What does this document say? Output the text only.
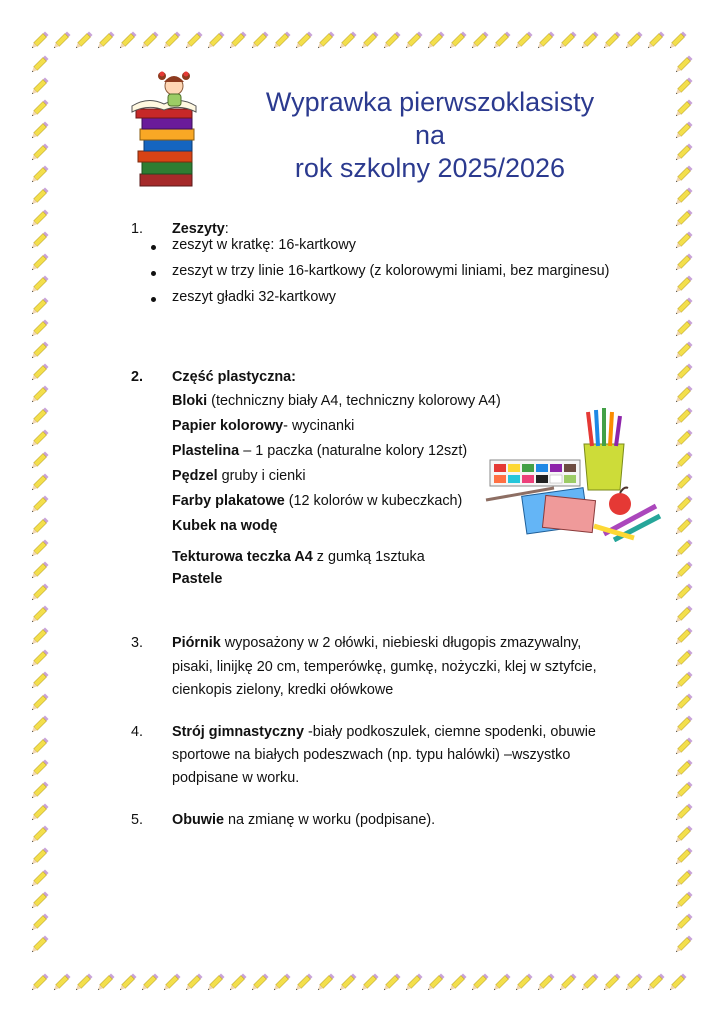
Wyprawka pierwszoklasisty
na
rok szkolny 2025/2026
1. Zeszyty:
zeszyt w kratkę: 16-kartkowy
zeszyt w trzy linie 16-kartkowy (z kolorowymi liniami, bez marginesu)
zeszyt gładki 32-kartkowy
2. Część plastyczna:
Bloki (techniczny biały A4, techniczny kolorowy A4)
Papier kolorowy- wycinanki
Plastelina – 1 paczka (naturalne kolory 12szt)
Pędzel gruby i cienki
Farby plakatowe (12 kolorów w kubeczkach)
Kubek na wodę
Tekturowa teczka A4 z gumką 1sztuka
Pastele
3. Piórnik wyposażony w 2 ołówki, niebieski długopis zmazywalny,
pisaki, linijkę 20 cm, temperówkę, gumkę, nożyczki, klej w sztyfcie,
cienkopis zielony, kredki ołówkowe
4. Strój gimnastyczny -biały podkoszulek, ciemne spodenki, obuwie
sportowe na białych podeszwach (np. typu halówki) –wszystko
podpisane w worku.
5. Obuwie na zmianę w worku (podpisane).
